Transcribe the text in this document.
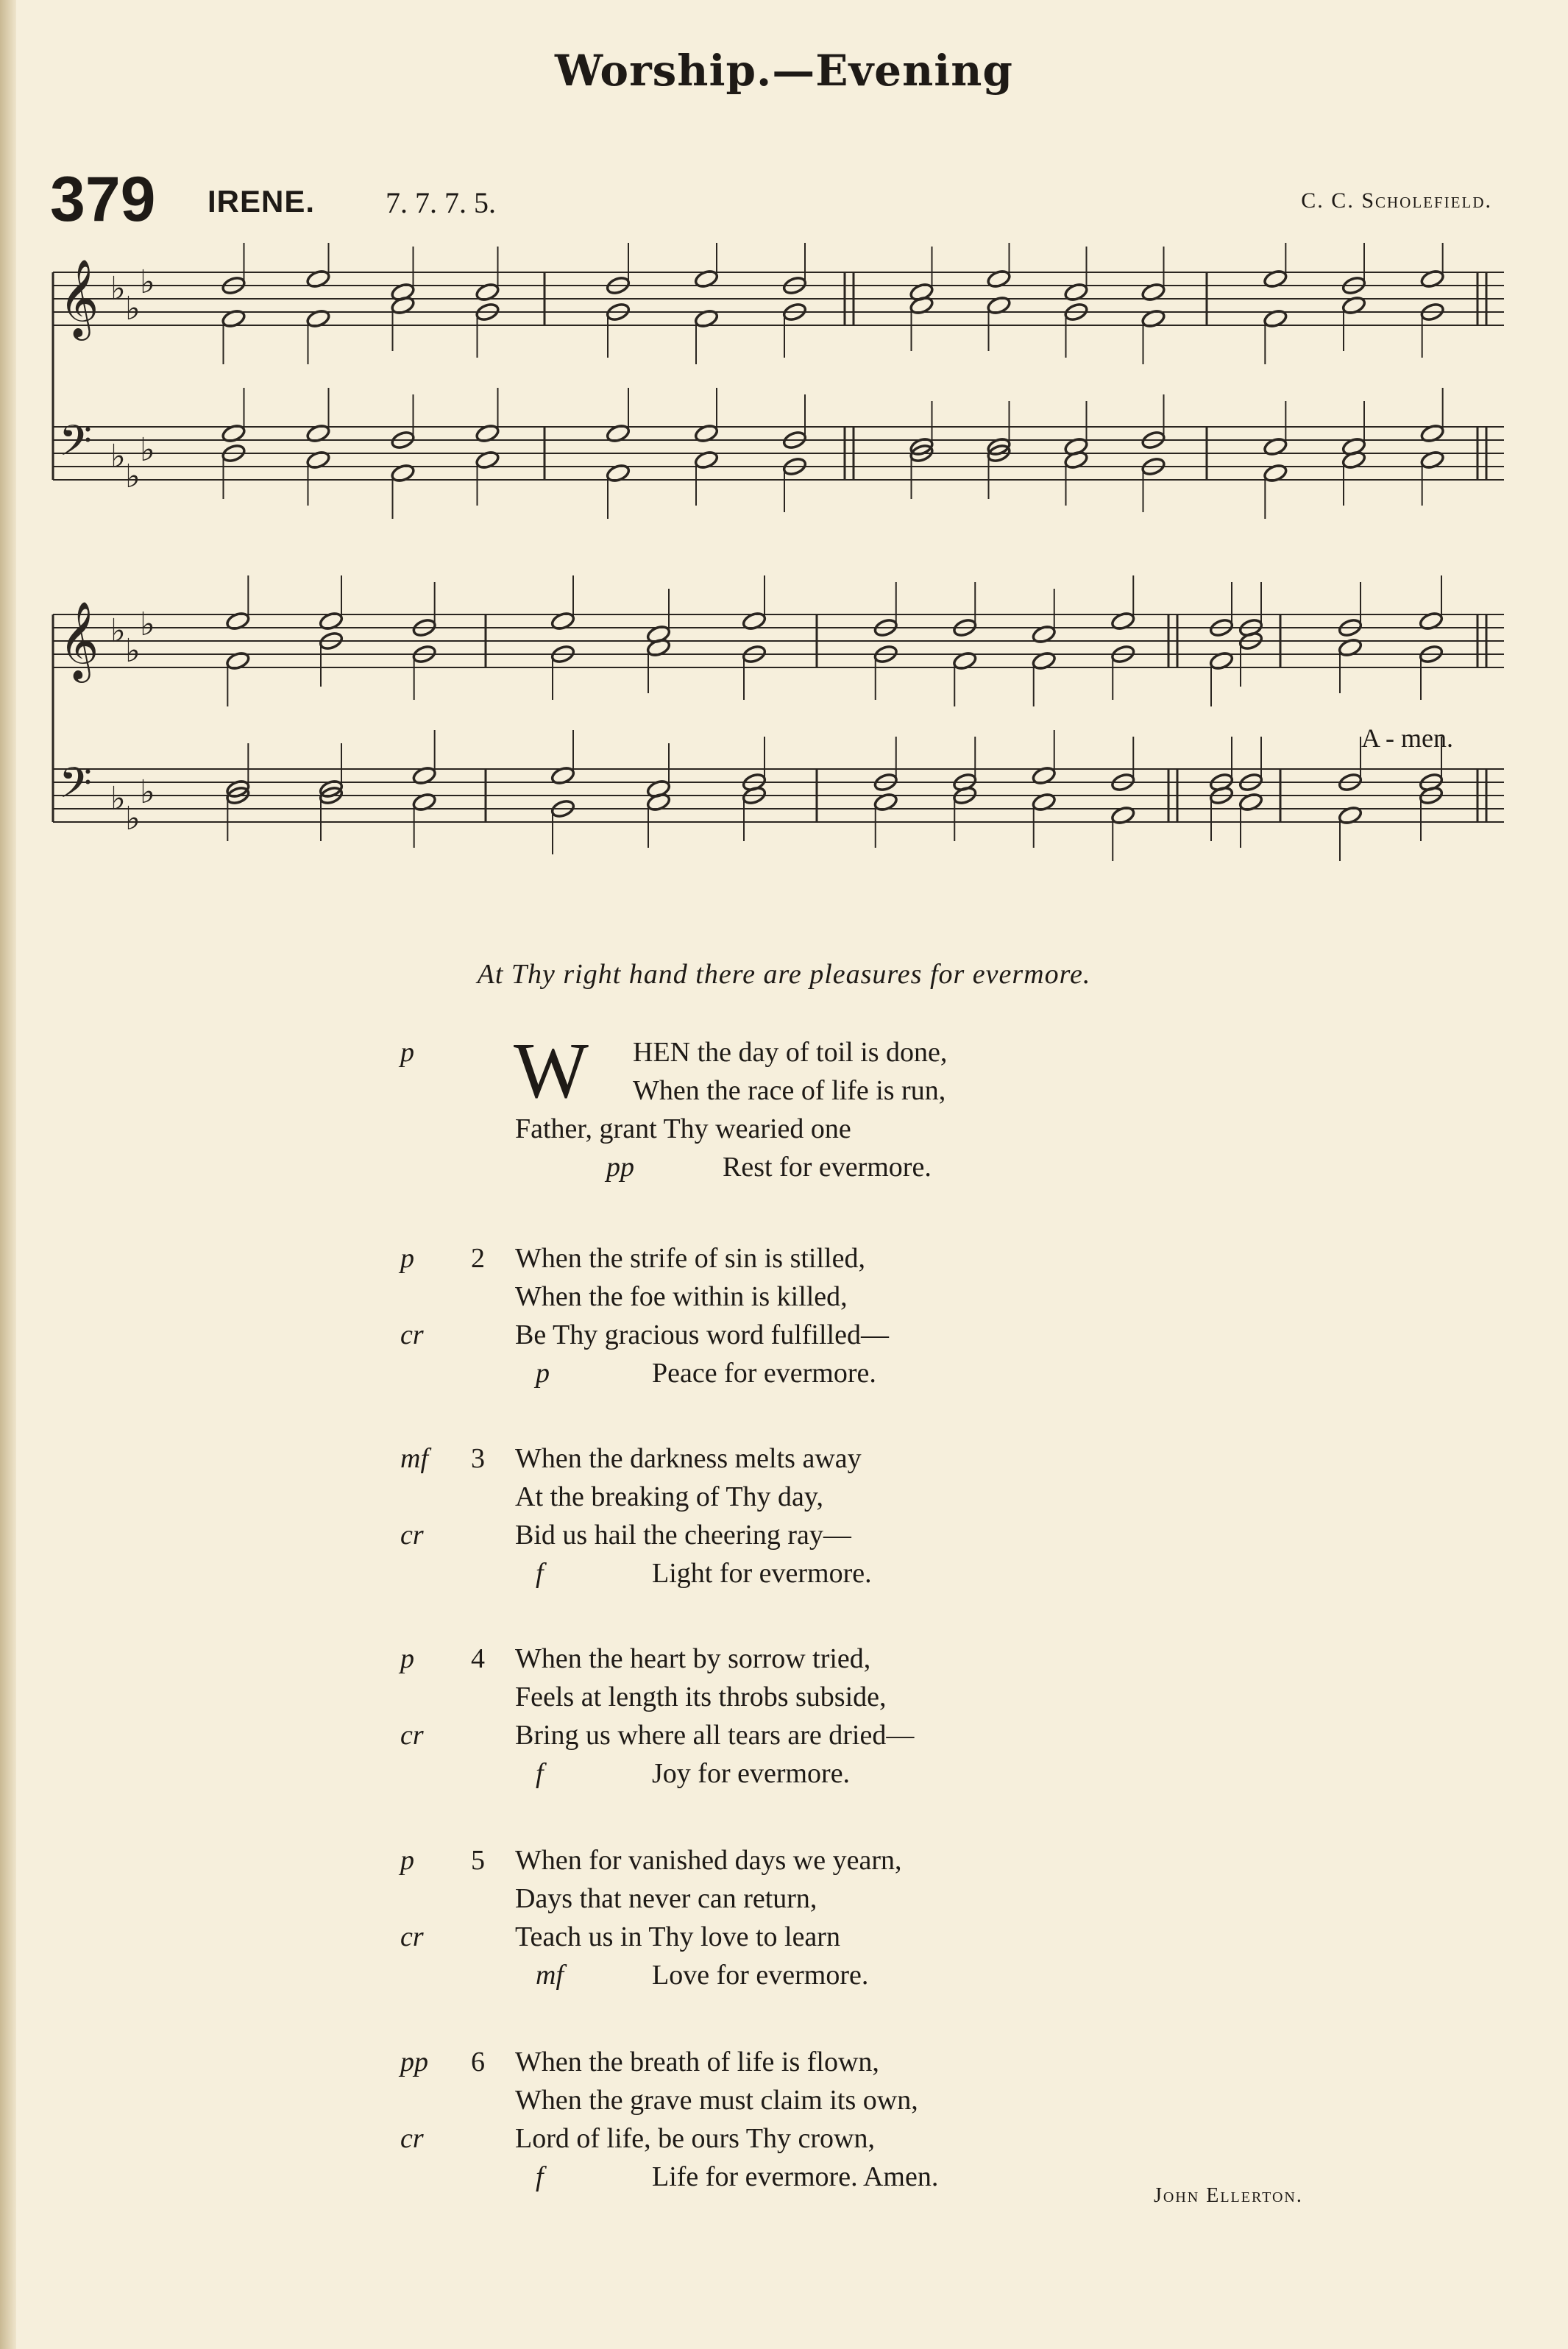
Worship.—Evening
379 IRENE. 7. 7. 7. 5.	C. C. Scholefield.
𝄞 ♭
♭
♭
𝄢 ♭
♭
♭
𝄞 ♭
♭
♭
𝄢 ♭
♭
♭
A - men.
At Thy right hand there are pleasures for evermore.
W
p	HEN the day of toil is done,
When the race of life is run,
Father, grant Thy wearied one
pp	Rest for evermore.
2
p	When the strife of sin is stilled,
When the foe within is killed,
cr	Be Thy gracious word fulfilled—
p	Peace for evermore.
3
mf	When the darkness melts away
At the breaking of Thy day,
cr	Bid us hail the cheering ray—
f	Light for evermore.
4
p	When the heart by sorrow tried,
Feels at length its throbs subside,
cr	Bring us where all tears are dried—
f	Joy for evermore.
5
p	When for vanished days we yearn,
Days that never can return,
cr	Teach us in Thy love to learn
mf	Love for evermore.
6
pp	When the breath of life is flown,
When the grave must claim its own,
cr	Lord of life, be ours Thy crown,
f	Life for evermore. Amen.
John Ellerton.
